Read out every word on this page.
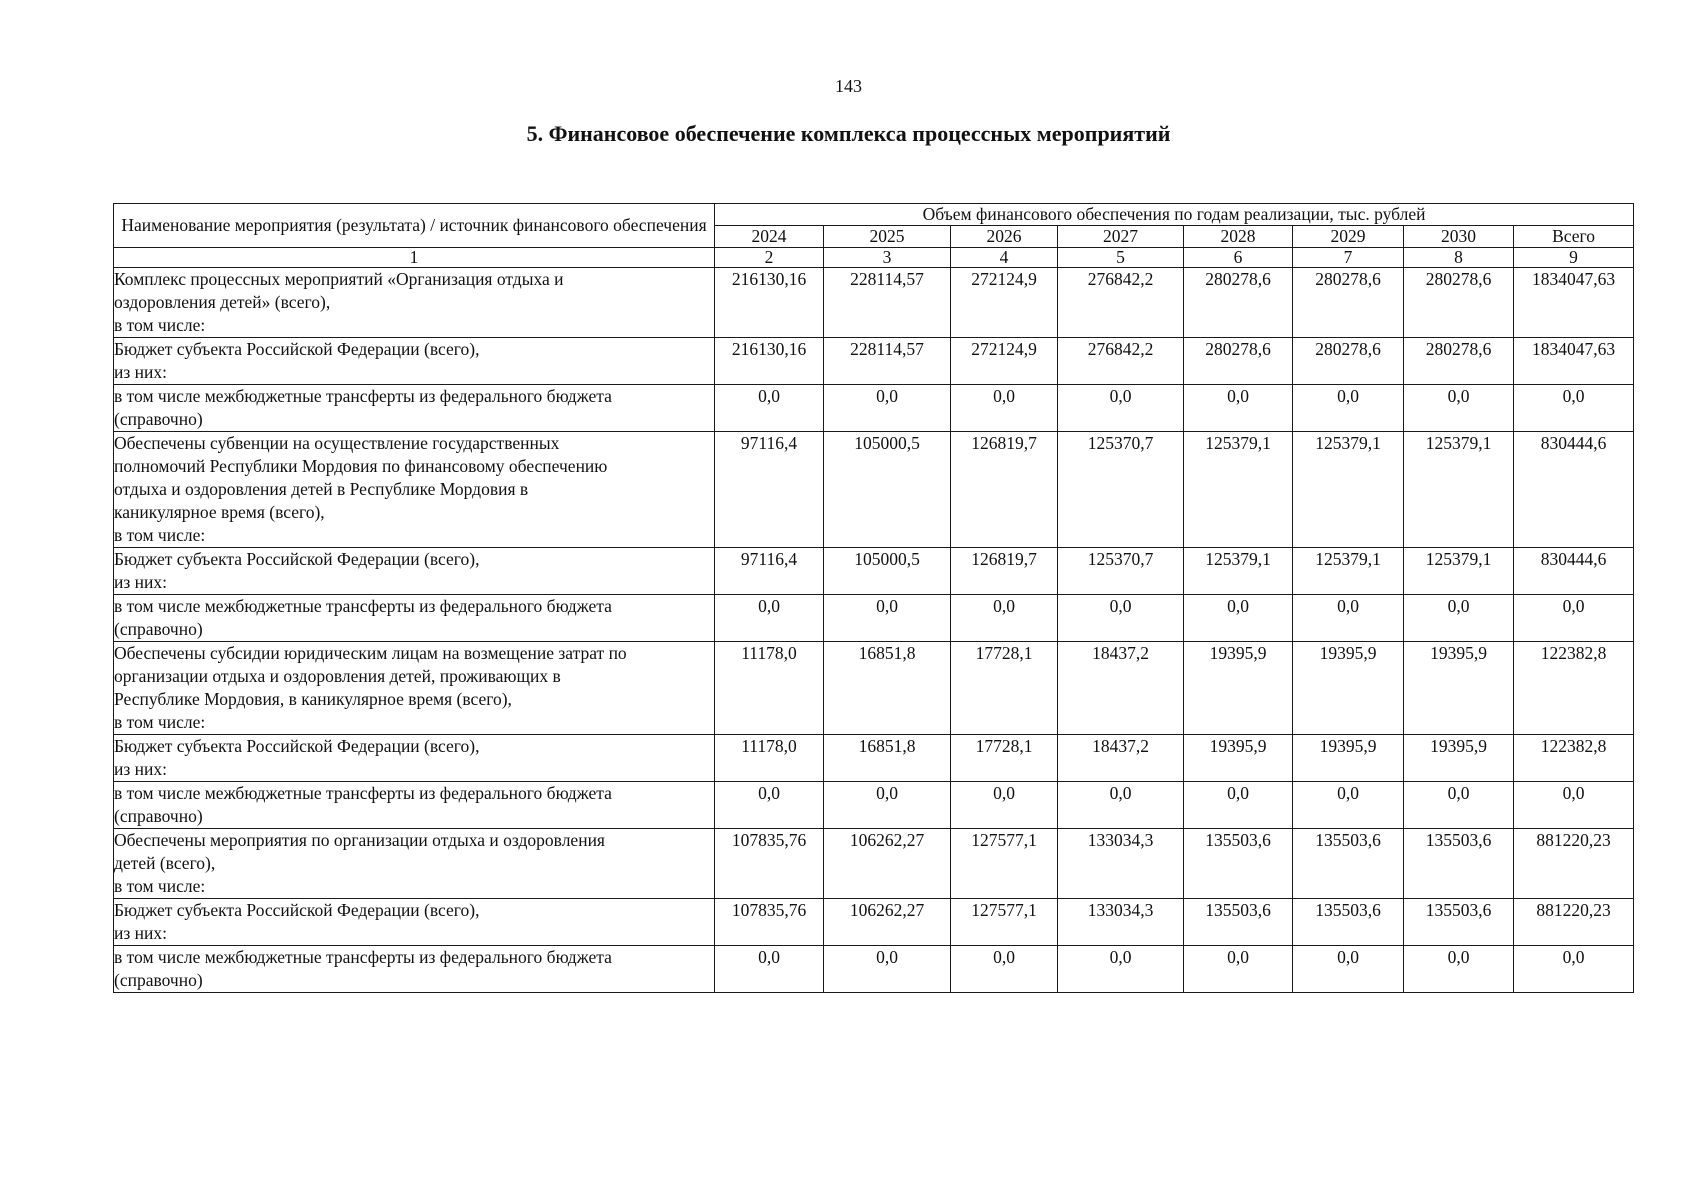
143
5. Финансовое обеспечение комплекса процессных мероприятий
Наименование мероприятия (результата) / источник финансового обеспечения	Объем финансового обеспечения по годам реализации, тыс. рублей							
	2024	2025	2026	2027	2028	2029	2030	Всего
1	2	3	4	5	6	7	8	9

Комплекс процессных мероприятий «Организация отдыха и
оздоровления детей» (всего),
в том числе:	216130,16	228114,57	272124,9	276842,2	280278,6	280278,6	280278,6	1834047,63

Бюджет субъекта Российской Федерации (всего),
из них:	216130,16	228114,57	272124,9	276842,2	280278,6	280278,6	280278,6	1834047,63

в том числе межбюджетные трансферты из федерального бюджета
(справочно)	0,0	0,0	0,0	0,0	0,0	0,0	0,0	0,0

Обеспечены субвенции на осуществление государственных
полномочий Республики Мордовия по финансовому обеспечению
отдыха и оздоровления детей в Республике Мордовия в
каникулярное время (всего),
в том числе:	97116,4	105000,5	126819,7	125370,7	125379,1	125379,1	125379,1	830444,6

Бюджет субъекта Российской Федерации (всего),
из них:	97116,4	105000,5	126819,7	125370,7	125379,1	125379,1	125379,1	830444,6

в том числе межбюджетные трансферты из федерального бюджета
(справочно)	0,0	0,0	0,0	0,0	0,0	0,0	0,0	0,0

Обеспечены субсидии юридическим лицам на возмещение затрат по
организации отдыха и оздоровления детей, проживающих в
Республике Мордовия, в каникулярное время (всего),
в том числе:	11178,0	16851,8	17728,1	18437,2	19395,9	19395,9	19395,9	122382,8

Бюджет субъекта Российской Федерации (всего),
из них:	11178,0	16851,8	17728,1	18437,2	19395,9	19395,9	19395,9	122382,8

в том числе межбюджетные трансферты из федерального бюджета
(справочно)	0,0	0,0	0,0	0,0	0,0	0,0	0,0	0,0

Обеспечены мероприятия по организации отдыха и оздоровления
детей (всего),
в том числе:	107835,76	106262,27	127577,1	133034,3	135503,6	135503,6	135503,6	881220,23

Бюджет субъекта Российской Федерации (всего),
из них:	107835,76	106262,27	127577,1	133034,3	135503,6	135503,6	135503,6	881220,23

в том числе межбюджетные трансферты из федерального бюджета
(справочно)	0,0	0,0	0,0	0,0	0,0	0,0	0,0	0,0
